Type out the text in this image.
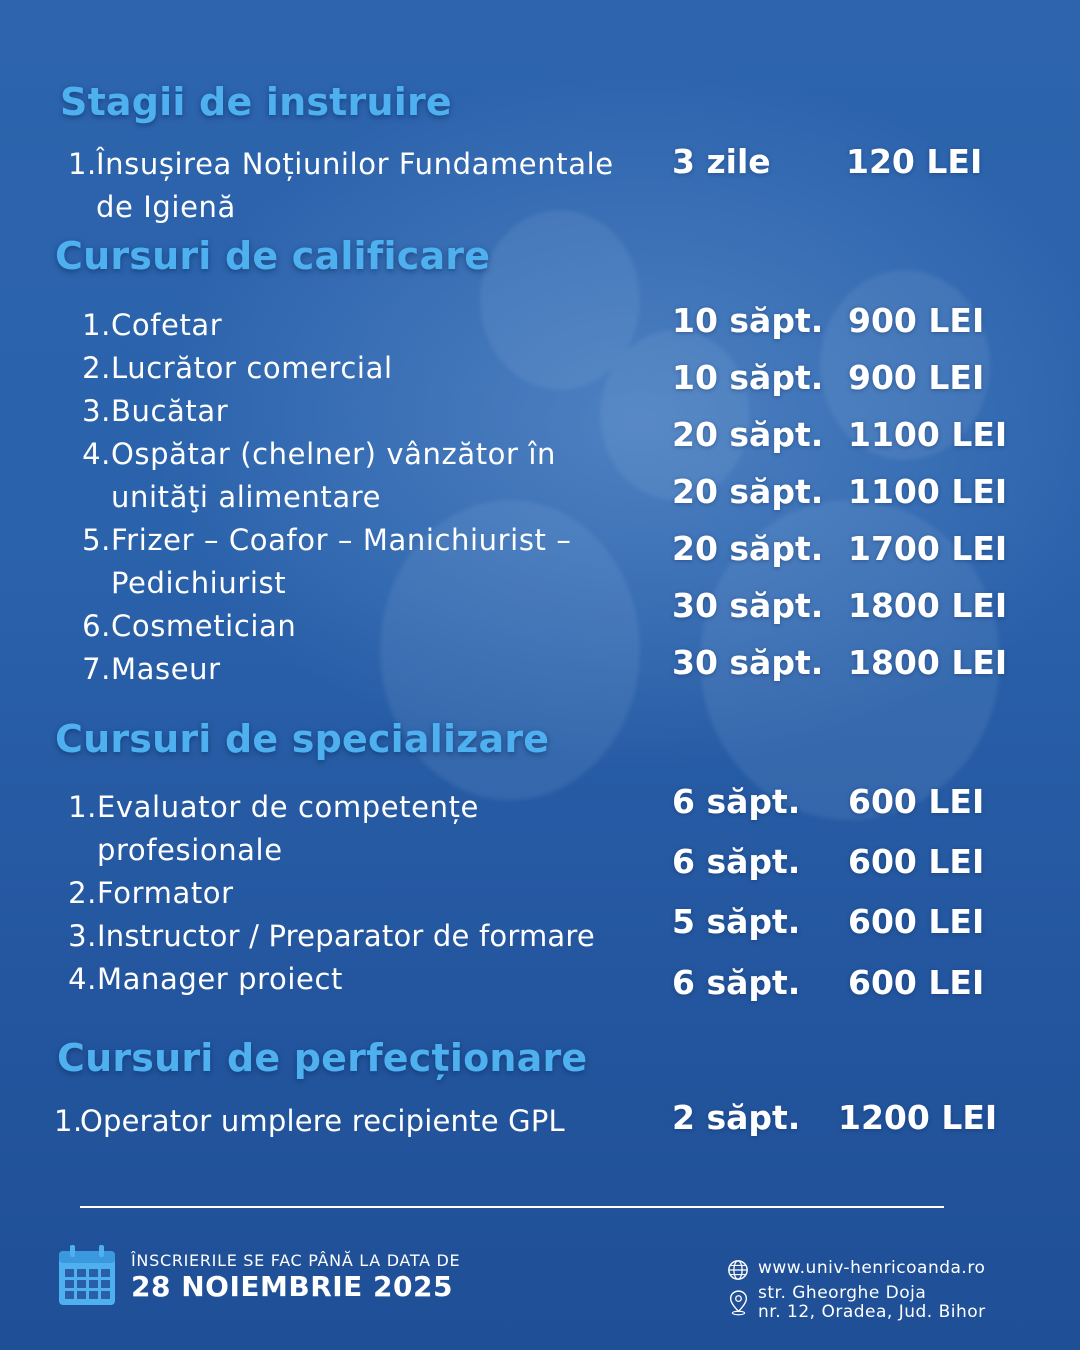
Stagii de instruire
1. Însușirea Noțiunilor Fundamentale de Igienă
3 zile 120 LEI
Cursuri de calificare
1. Cofetar
2. Lucrător comercial
3. Bucătar
4. Ospătar (chelner) vânzător în unităţi alimentare
5. Frizer – Coafor – Manichiurist – Pedichiurist
6. Cosmetician
7. Maseur
10 săpt.
10 săpt.
20 săpt.
20 săpt.
20 săpt.
30 săpt.
30 săpt.
900 LEI
900 LEI
1100 LEI
1100 LEI
1700 LEI
1800 LEI
1800 LEI
Cursuri de specializare
1. Evaluator de competențe profesionale
2. Formator
3. Instructor / Preparator de formare
4. Manager proiect
6 săpt.
6 săpt.
5 săpt.
6 săpt.
600 LEI
600 LEI
600 LEI
600 LEI
Cursuri de perfecționare
1.
Operator umplere recipiente GPL	2 săpt. 1200 LEI
ÎNSCRIERILE SE FAC PÂNĂ LA DATA DE
28 NOIEMBRIE 2025
www.univ-henricoanda.ro
str. Gheorghe Doja
nr. 12, Oradea, Jud. Bihor
